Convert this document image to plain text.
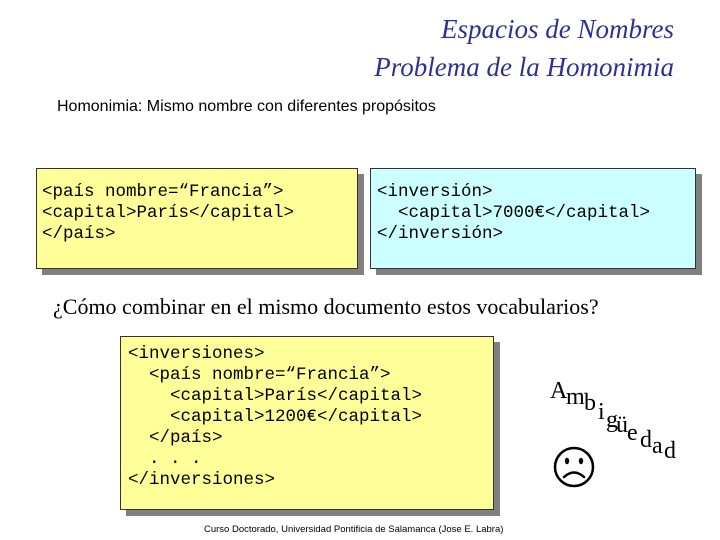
Espacios de Nombres
Problema de la Homonimia
Homonimia: Mismo nombre con diferentes propósitos
<país nombre=“Francia”>
<capital>París</capital>
</país>
<inversión>
<capital>7000€</capital>
</inversión>
¿Cómo combinar en el mismo documento estos vocabularios?
<inversiones>
<país nombre=“Francia”>
<capital>París</capital>
<capital>1200€</capital>
</país>
. . .
</inversiones>
A
m b i g
ü e d a d
Curso Doctorado, Universidad Pontificia de Salamanca (Jose E. Labra)
